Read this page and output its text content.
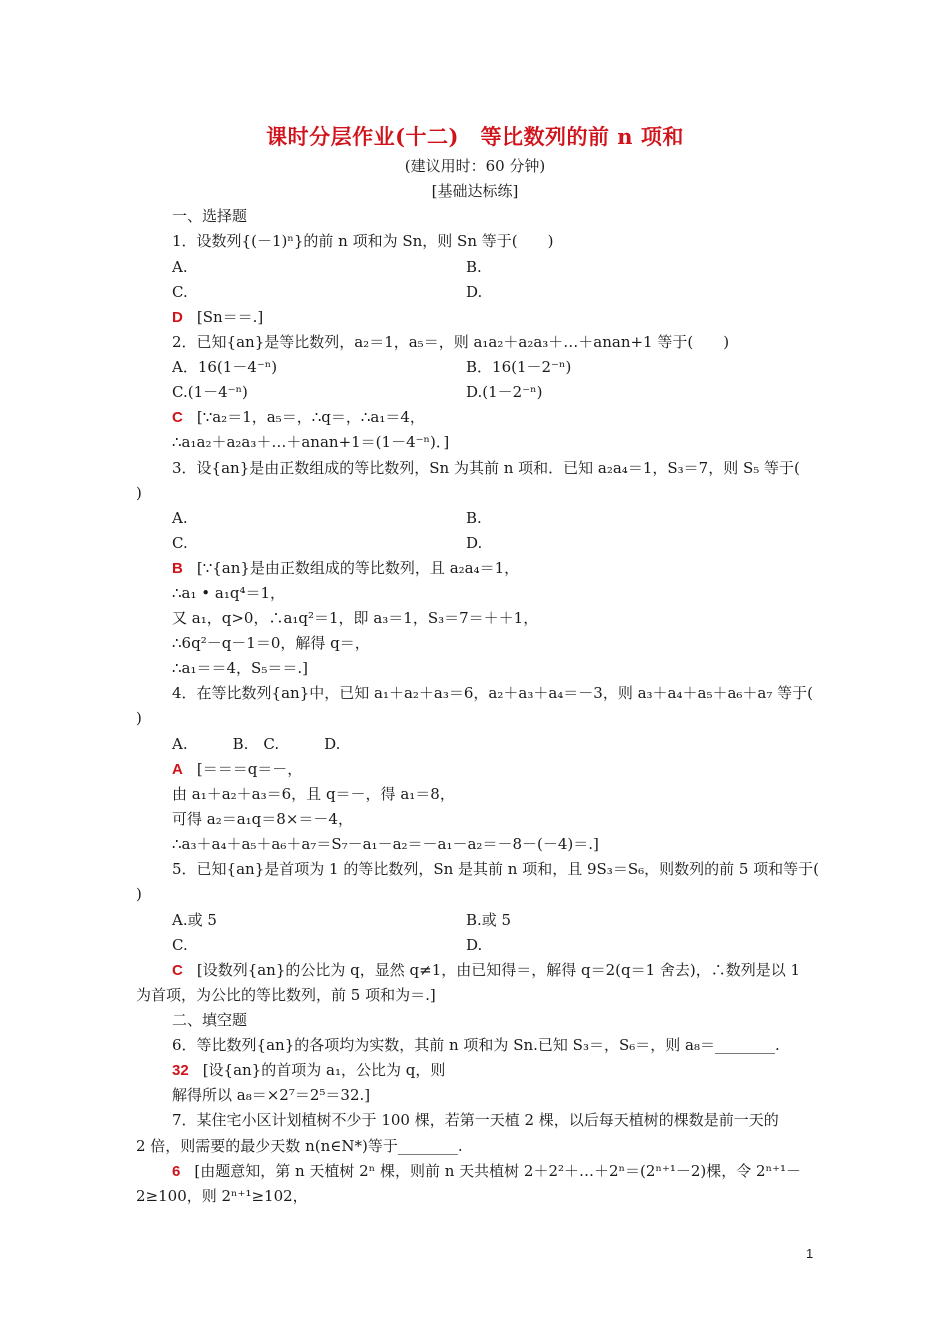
课时分层作业(十二)　等比数列的前 n 项和
(建议用时：60 分钟)
[基础达标练]
一、选择题
1．设数列{(－1)ⁿ}的前 n 项和为 Sn，则 Sn 等于(　　)
A.	B.
C.	D.
D [Sn＝＝.]
2．已知{an}是等比数列，a₂＝1，a₅＝，则 a₁a₂＋a₂a₃＋…＋anan+1 等于(　　)
A．16(1－4⁻ⁿ)	B．16(1－2⁻ⁿ)
C.(1－4⁻ⁿ)	D.(1－2⁻ⁿ)
C [∵a₂＝1，a₅＝，∴q＝，∴a₁＝4，
∴a₁a₂＋a₂a₃＋…＋anan+1＝(1－4⁻ⁿ)．]
3．设{an}是由正数组成的等比数列，Sn 为其前 n 项和．已知 a₂a₄＝1，S₃＝7，则 S₅ 等于(
)
A.	B.
C.	D.
B [∵{an}是由正数组成的等比数列，且 a₂a₄＝1，
∴a₁ • a₁q⁴＝1，
又 a₁，q>0，∴a₁q²＝1，即 a₃＝1，S₃＝7＝＋＋1，
∴6q²－q－1＝0，解得 q＝，
∴a₁＝＝4，S₅＝＝.]
4．在等比数列{an}中，已知 a₁＋a₂＋a₃＝6，a₂＋a₃＋a₄＝－3，则 a₃＋a₄＋a₅＋a₆＋a₇ 等于(
)
A.　　　B.　C.　　　D.
A [＝＝＝q＝－，
由 a₁＋a₂＋a₃＝6，且 q＝－，得 a₁＝8，
可得 a₂＝a₁q＝8×＝－4，
∴a₃＋a₄＋a₅＋a₆＋a₇＝S₇－a₁－a₂＝－a₁－a₂＝－8－(－4)＝.]
5．已知{an}是首项为 1 的等比数列，Sn 是其前 n 项和，且 9S₃＝S₆，则数列的前 5 项和等于(
)
A.或 5	B.或 5
C.	D.
C [设数列{an}的公比为 q，显然 q≠1，由已知得＝，解得 q＝2(q＝1 舍去)，∴数列是以 1
为首项，为公比的等比数列，前 5 项和为＝.]
二、填空题
6．等比数列{an}的各项均为实数，其前 n 项和为 Sn.已知 S₃＝，S₆＝，则 a₈＝________.
32 [设{an}的首项为 a₁，公比为 q，则
解得所以 a₈＝×2⁷＝2⁵＝32.]
7．某住宅小区计划植树不少于 100 棵，若第一天植 2 棵，以后每天植树的棵数是前一天的
2 倍，则需要的最少天数 n(n∈N*)等于________.
6 [由题意知，第 n 天植树 2ⁿ 棵，则前 n 天共植树 2＋2²＋…＋2ⁿ＝(2ⁿ⁺¹－2)棵，令 2ⁿ⁺¹－
2≥100，则 2ⁿ⁺¹≥102，
1
